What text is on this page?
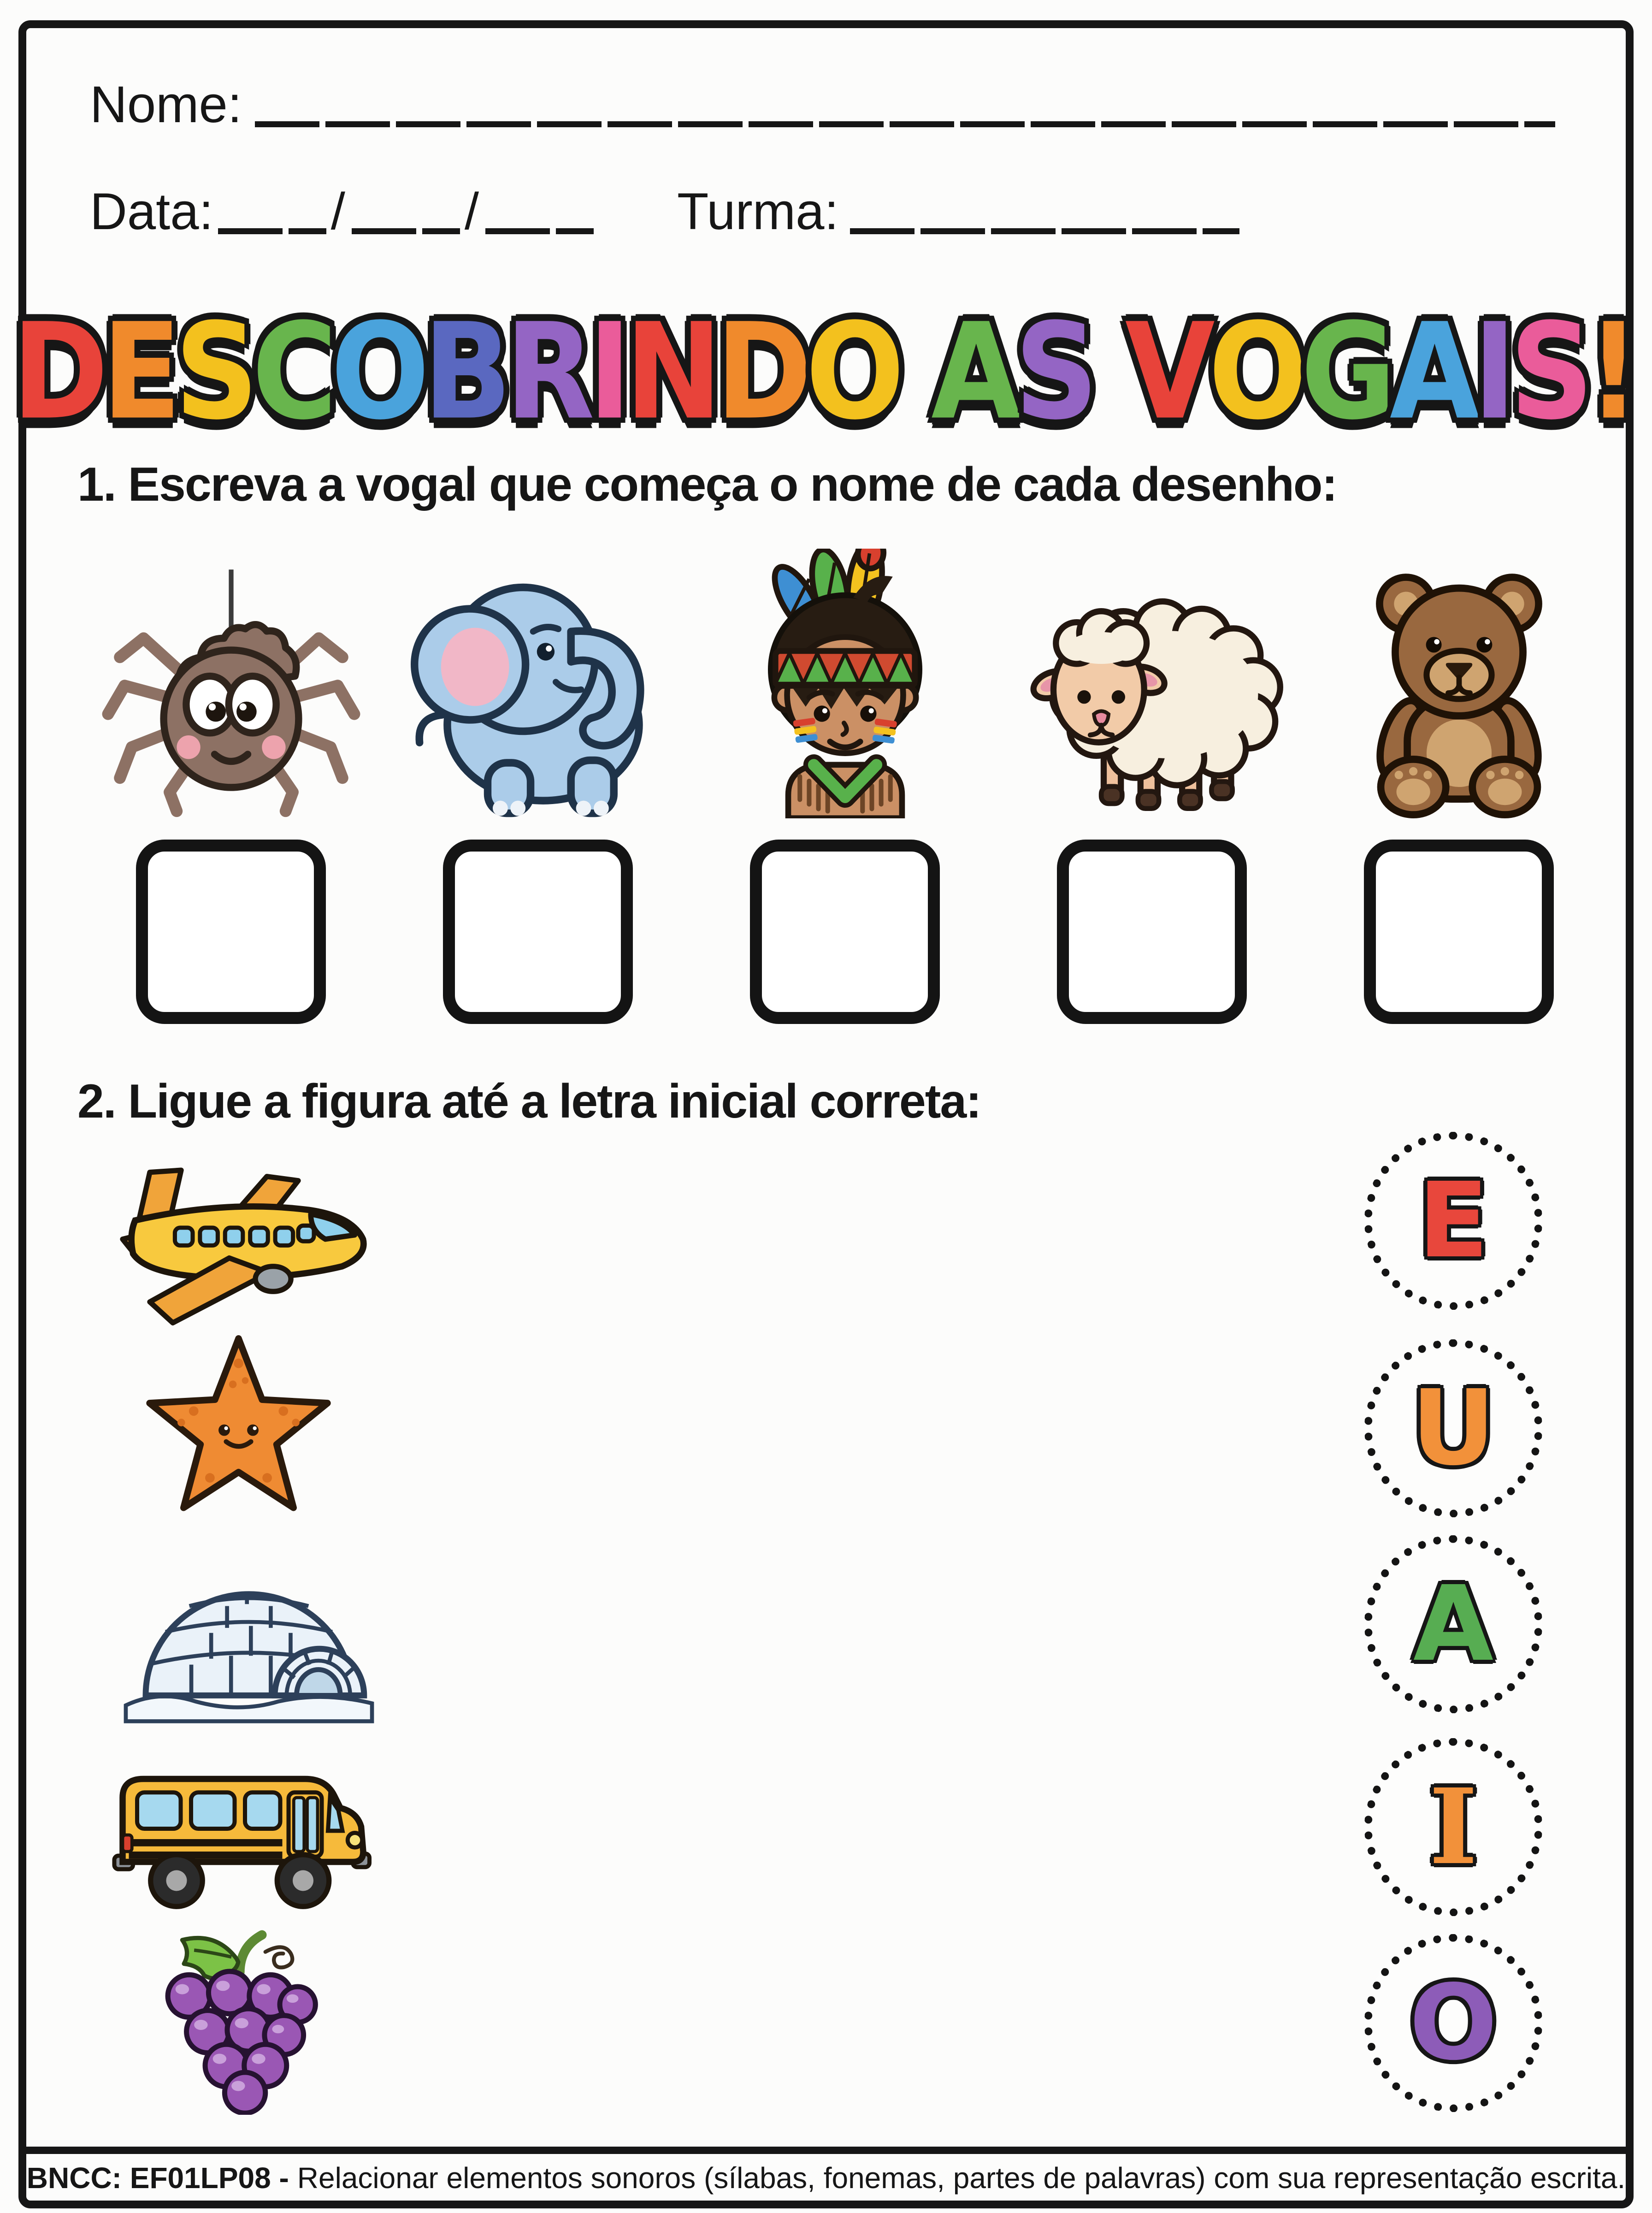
Nome:
Data: / /	Turma:
DESCOBRINDO AS VOGAIS!
1. Escreva a vogal que começa o nome de cada desenho:
2. Ligue a figura até a letra inicial correta:
E
U
A
I
O
BNCC: EF01LP08 - Relacionar elementos sonoros (sílabas, fonemas, partes de palavras) com sua representação escrita.
